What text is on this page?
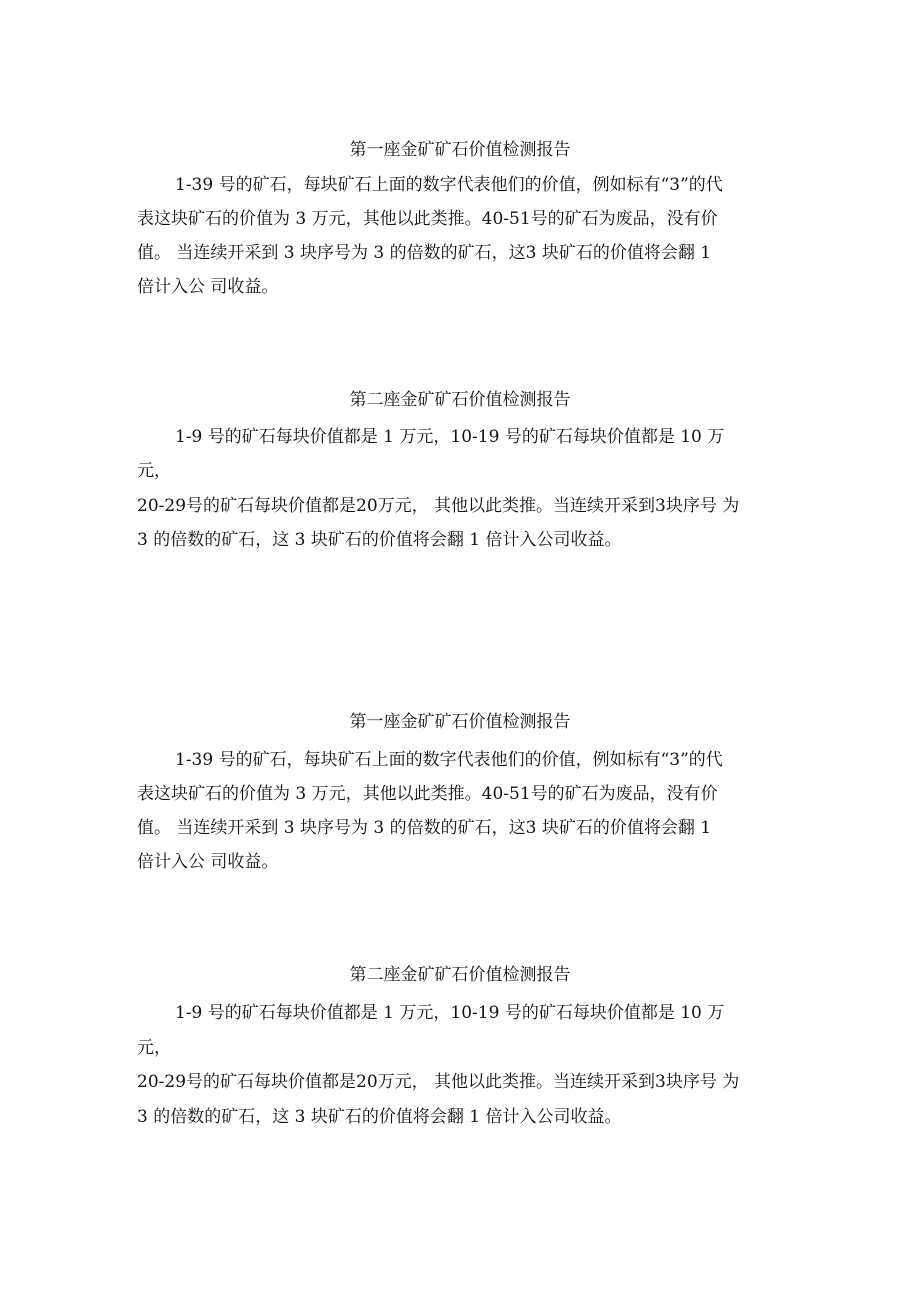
第一座金矿矿石价值检测报告
1-39 号的矿石，每块矿石上面的数字代表他们的价值，例如标有“3”的代
表这块矿石的价值为 3 万元，其他以此类推。40-51号的矿石为废品，没有价
值。 当连续开采到 3 块序号为 3 的倍数的矿石，这3 块矿石的价值将会翻 1
倍计入公 司收益。
第二座金矿矿石价值检测报告
1-9 号的矿石每块价值都是 1 万元，10-19 号的矿石每块价值都是 10 万
元，
20-29号的矿石每块价值都是20万元， 其他以此类推。当连续开采到3块序号 为
3 的倍数的矿石，这 3 块矿石的价值将会翻 1 倍计入公司收益。
第一座金矿矿石价值检测报告
1-39 号的矿石，每块矿石上面的数字代表他们的价值，例如标有“3”的代
表这块矿石的价值为 3 万元，其他以此类推。40-51号的矿石为废品，没有价
值。 当连续开采到 3 块序号为 3 的倍数的矿石，这3 块矿石的价值将会翻 1
倍计入公 司收益。
第二座金矿矿石价值检测报告
1-9 号的矿石每块价值都是 1 万元，10-19 号的矿石每块价值都是 10 万
元，
20-29号的矿石每块价值都是20万元， 其他以此类推。当连续开采到3块序号 为
3 的倍数的矿石，这 3 块矿石的价值将会翻 1 倍计入公司收益。
